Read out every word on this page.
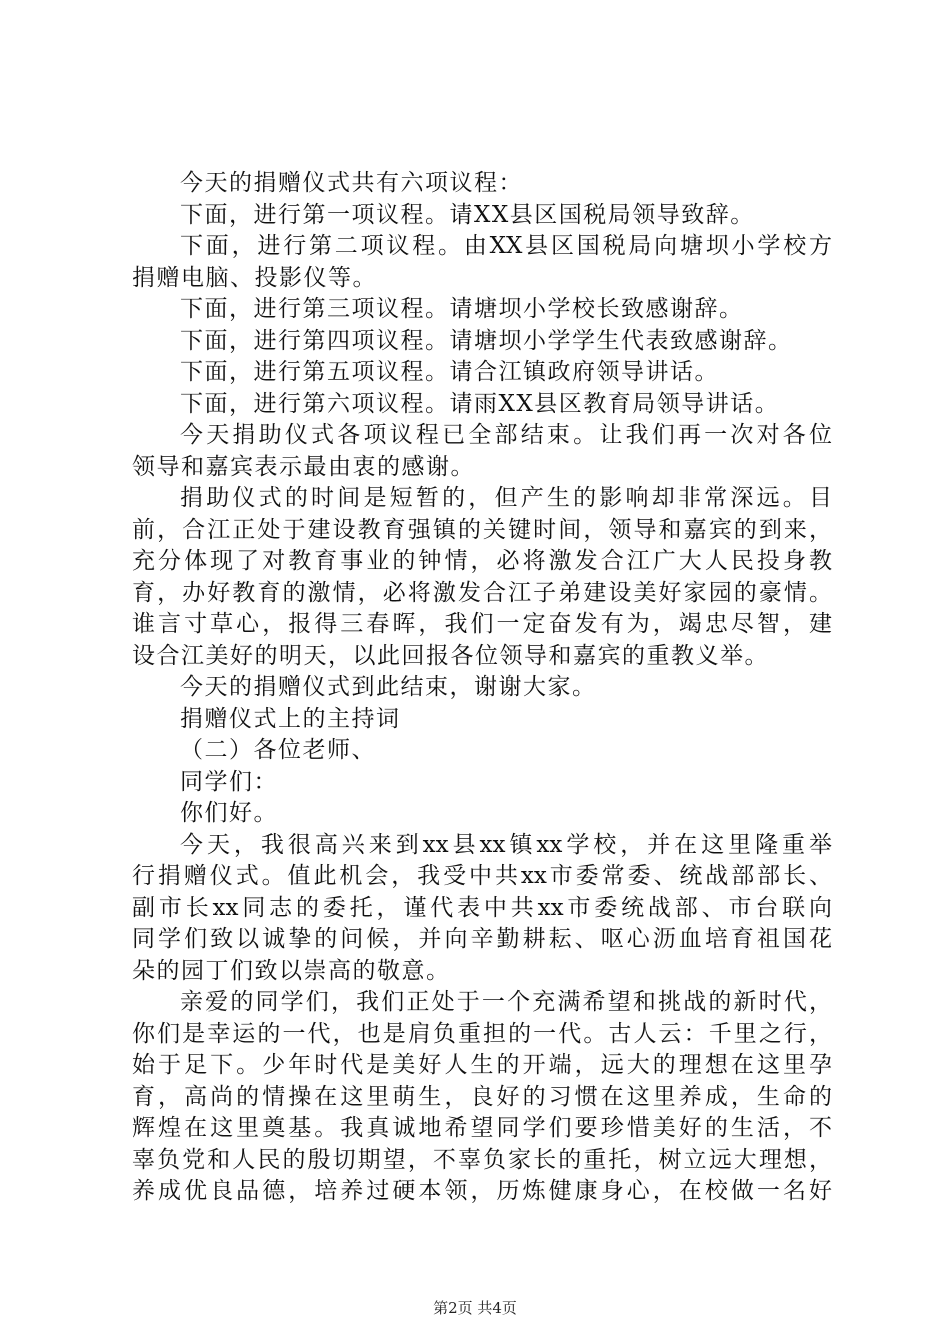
今天的捐赠仪式共有六项议程：
下面，进行第一项议程。请XX县区国税局领导致辞。
下面，进行第二项议程。由XX县区国税局向塘坝小学校方
捐赠电脑、投影仪等。
下面，进行第三项议程。请塘坝小学校长致感谢辞。
下面，进行第四项议程。请塘坝小学学生代表致感谢辞。
下面，进行第五项议程。请合江镇政府领导讲话。
下面，进行第六项议程。请雨XX县区教育局领导讲话。
今天捐助仪式各项议程已全部结束。让我们再一次对各位
领导和嘉宾表示最由衷的感谢。
捐助仪式的时间是短暂的，但产生的影响却非常深远。目
前，合江正处于建设教育强镇的关键时间，领导和嘉宾的到来，
充分体现了对教育事业的钟情，必将激发合江广大人民投身教
育，办好教育的激情，必将激发合江子弟建设美好家园的豪情。
谁言寸草心，报得三春晖，我们一定奋发有为，竭忠尽智，建
设合江美好的明天，以此回报各位领导和嘉宾的重教义举。
今天的捐赠仪式到此结束，谢谢大家。
捐赠仪式上的主持词
（二）各位老师、
同学们：
你们好。
今天，我很高兴来到xx县xx镇xx学校，并在这里隆重举
行捐赠仪式。值此机会，我受中共xx市委常委、统战部部长、
副市长xx同志的委托，谨代表中共xx市委统战部、市台联向
同学们致以诚挚的问候，并向辛勤耕耘、呕心沥血培育祖国花
朵的园丁们致以崇高的敬意。
亲爱的同学们，我们正处于一个充满希望和挑战的新时代，
你们是幸运的一代，也是肩负重担的一代。古人云：千里之行，
始于足下。少年时代是美好人生的开端，远大的理想在这里孕
育，高尚的情操在这里萌生，良好的习惯在这里养成，生命的
辉煌在这里奠基。我真诚地希望同学们要珍惜美好的生活，不
辜负党和人民的殷切期望，不辜负家长的重托，树立远大理想，
养成优良品德，培养过硬本领，历炼健康身心，在校做一名好
第2页 共4页
